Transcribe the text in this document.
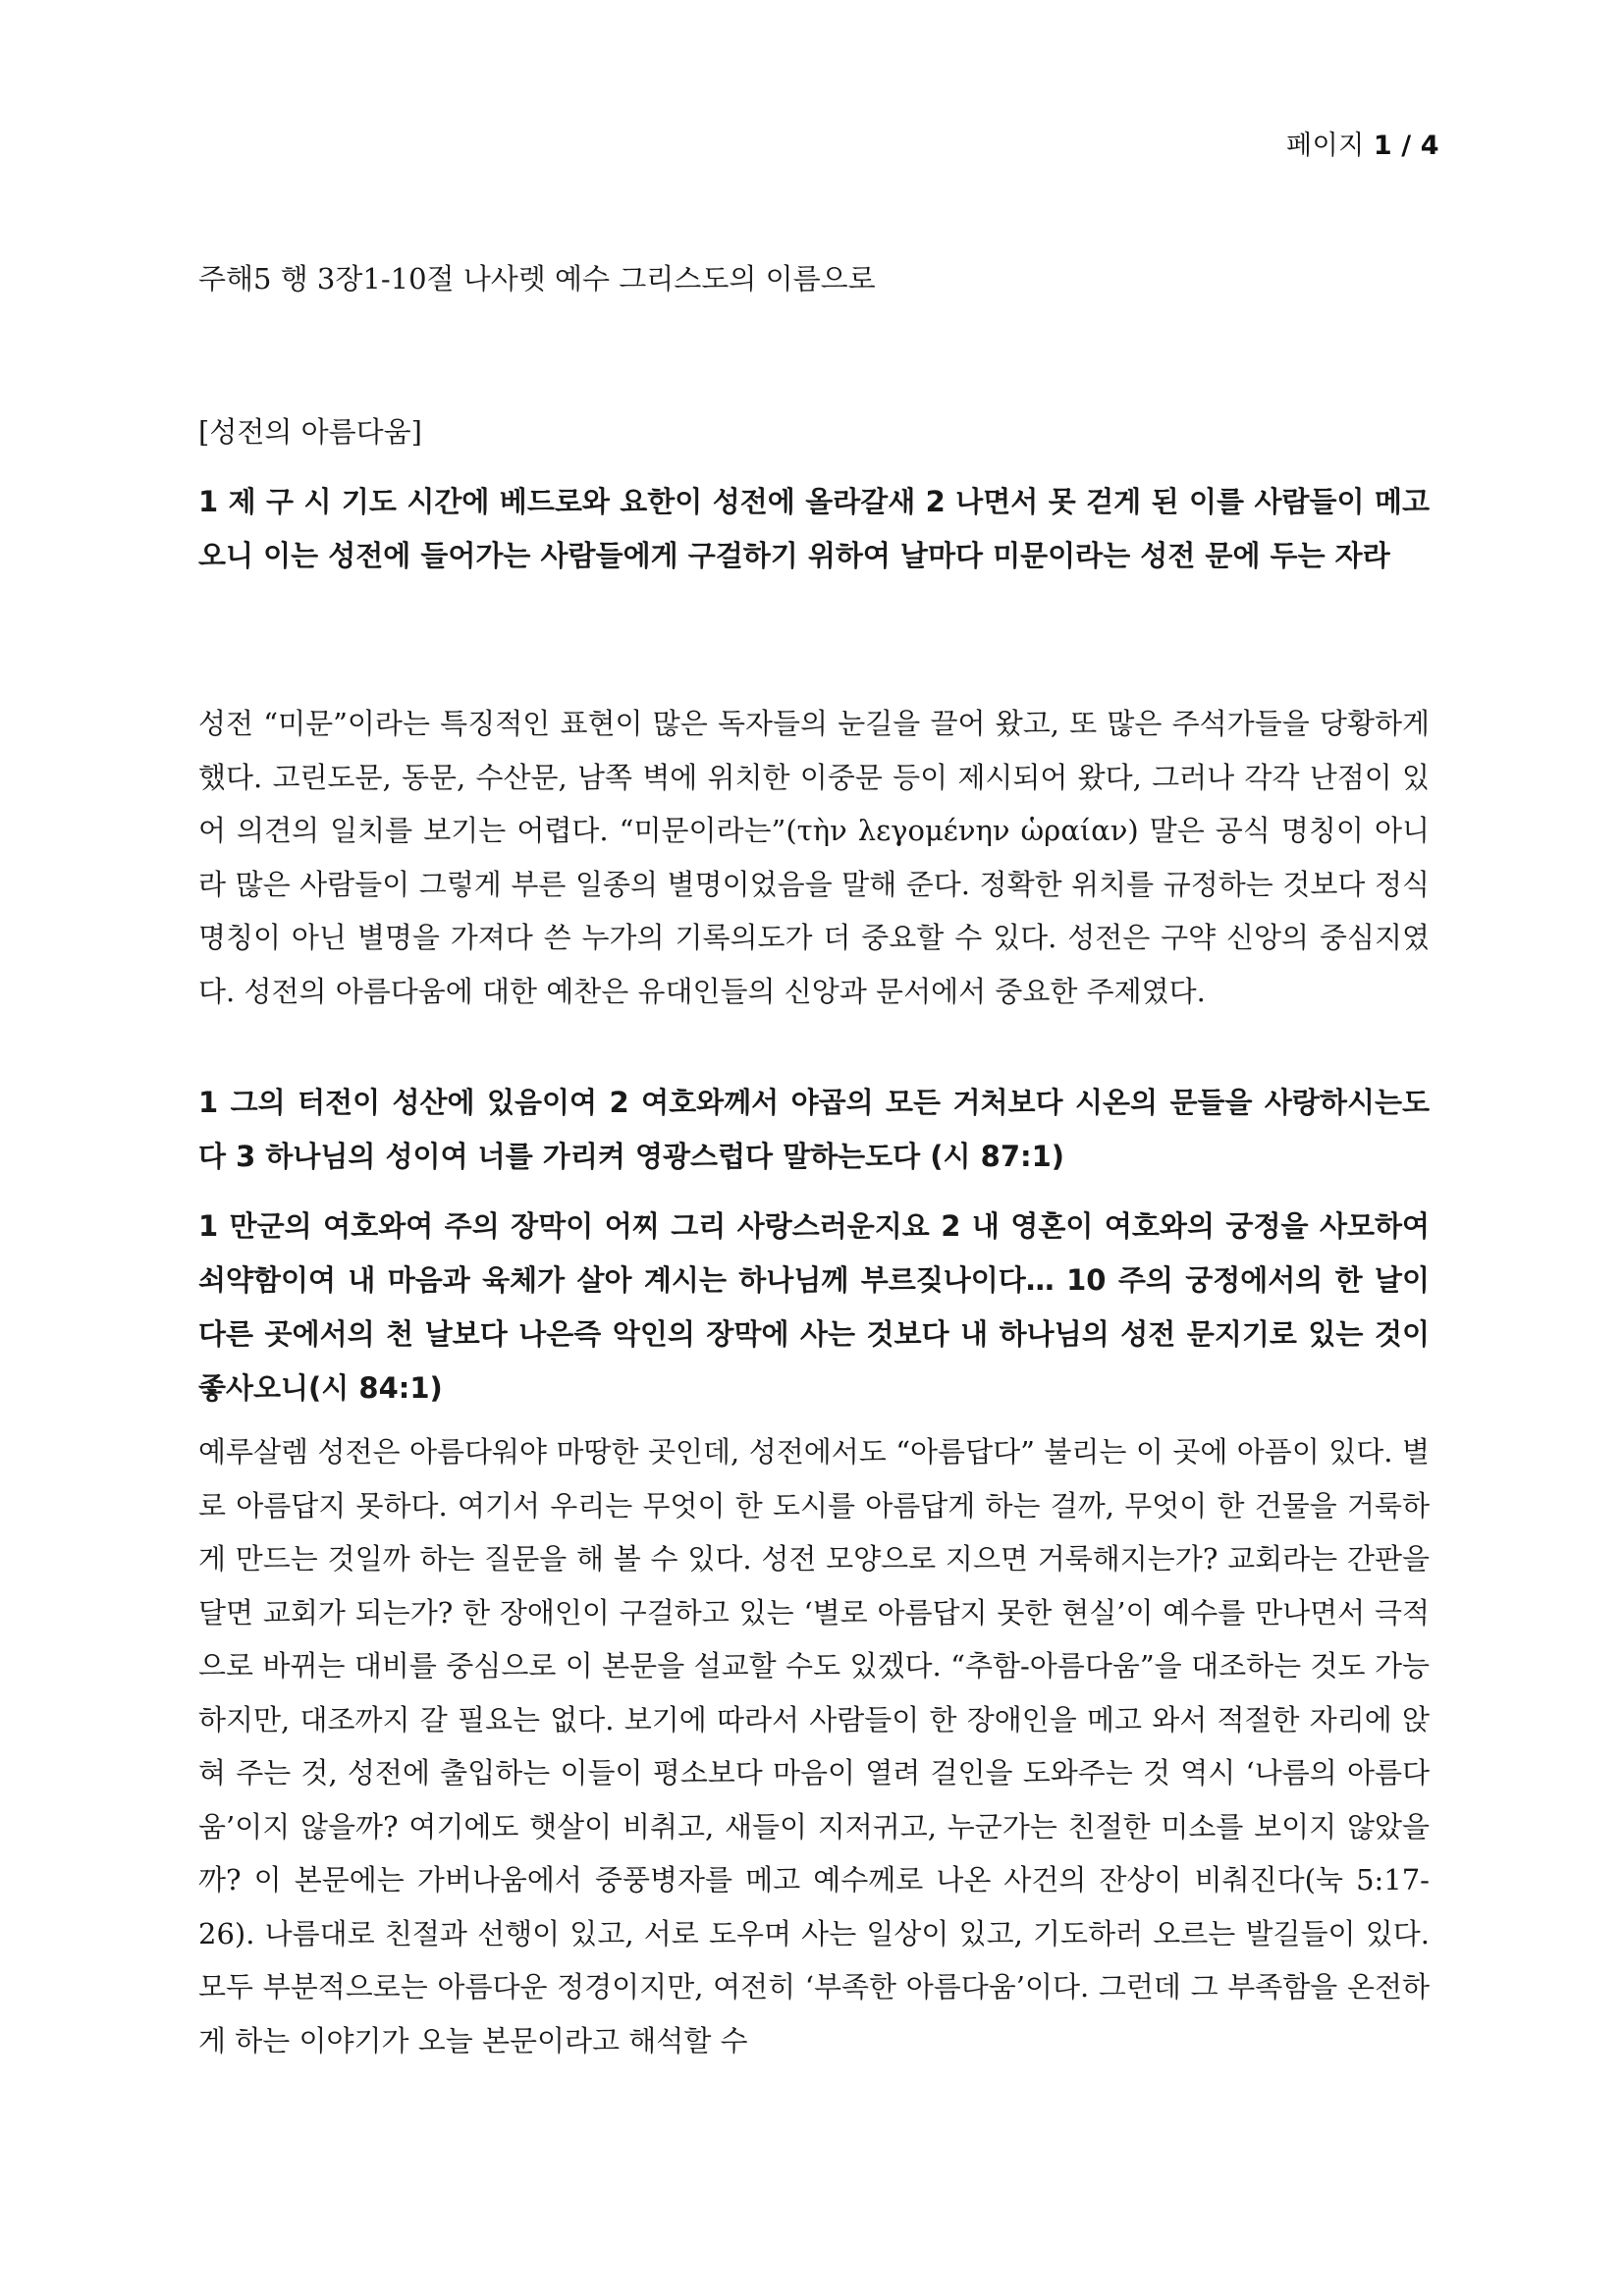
페이지 1 / 4
주해5 행 3장1-10절 나사렛 예수 그리스도의 이름으로
[성전의 아름다움]
1 제 구 시 기도 시간에 베드로와 요한이 성전에 올라갈새 2 나면서 못 걷게 된 이를 사람들이 메고 오니 이는 성전에 들어가는 사람들에게 구걸하기 위하여 날마다 미문이라는 성전 문에 두는 자라
성전 “미문”이라는 특징적인 표현이 많은 독자들의 눈길을 끌어 왔고, 또 많은 주석가들을 당황하게 했다. 고린도문, 동문, 수산문, 남쪽 벽에 위치한 이중문 등이 제시되어 왔다, 그러나 각각 난점이 있어 의견의 일치를 보기는 어렵다. “미문이라는”(τὴν λεγομένην ὡραίαν) 말은 공식 명칭이 아니라 많은 사람들이 그렇게 부른 일종의 별명이었음을 말해 준다. 정확한 위치를 규정하는 것보다 정식명칭이 아닌 별명을 가져다 쓴 누가의 기록의도가 더 중요할 수 있다. 성전은 구약 신앙의 중심지였다. 성전의 아름다움에 대한 예찬은 유대인들의 신앙과 문서에서 중요한 주제였다.
1 그의 터전이 성산에 있음이여 2 여호와께서 야곱의 모든 거처보다 시온의 문들을 사랑하시는도다 3 하나님의 성이여 너를 가리켜 영광스럽다 말하는도다 (시 87:1)
1 만군의 여호와여 주의 장막이 어찌 그리 사랑스러운지요 2 내 영혼이 여호와의 궁정을 사모하여 쇠약함이여 내 마음과 육체가 살아 계시는 하나님께 부르짖나이다… 10 주의 궁정에서의 한 날이 다른 곳에서의 천 날보다 나은즉 악인의 장막에 사는 것보다 내 하나님의 성전 문지기로 있는 것이 좋사오니(시 84:1)
예루살렘 성전은 아름다워야 마땅한 곳인데, 성전에서도 “아름답다” 불리는 이 곳에 아픔이 있다. 별로 아름답지 못하다. 여기서 우리는 무엇이 한 도시를 아름답게 하는 걸까, 무엇이 한 건물을 거룩하게 만드는 것일까 하는 질문을 해 볼 수 있다. 성전 모양으로 지으면 거룩해지는가? 교회라는 간판을 달면 교회가 되는가? 한 장애인이 구걸하고 있는 ‘별로 아름답지 못한 현실’이 예수를 만나면서 극적으로 바뀌는 대비를 중심으로 이 본문을 설교할 수도 있겠다. “추함-아름다움”을 대조하는 것도 가능하지만, 대조까지 갈 필요는 없다. 보기에 따라서 사람들이 한 장애인을 메고 와서 적절한 자리에 앉혀 주는 것, 성전에 출입하는 이들이 평소보다 마음이 열려 걸인을 도와주는 것 역시 ‘나름의 아름다움’이지 않을까? 여기에도 햇살이 비취고, 새들이 지저귀고, 누군가는 친절한 미소를 보이지 않았을까? 이 본문에는 가버나움에서 중풍병자를 메고 예수께로 나온 사건의 잔상이 비춰진다(눅 5:17-26). 나름대로 친절과 선행이 있고, 서로 도우며 사는 일상이 있고, 기도하러 오르는 발길들이 있다. 모두 부분적으로는 아름다운 정경이지만, 여전히 ‘부족한 아름다움’이다. 그런데 그 부족함을 온전하게 하는 이야기가 오늘 본문이라고 해석할 수
